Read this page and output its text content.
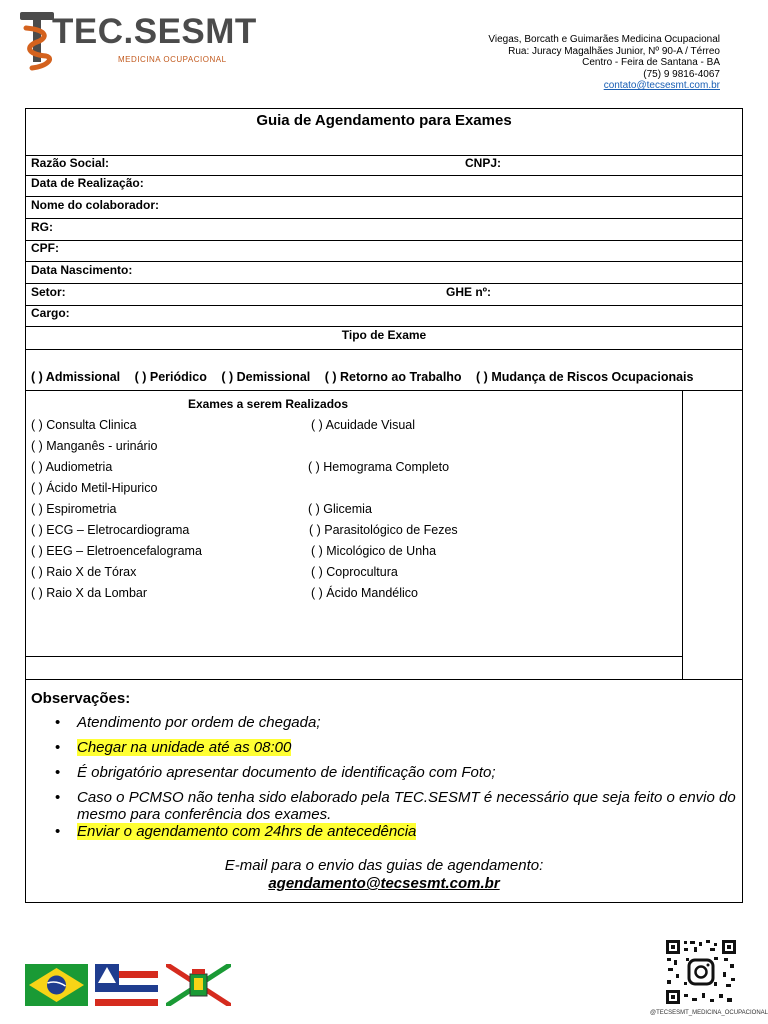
TEC.SESMT
MEDICINA OCUPACIONAL
Viegas, Borcath e Guimarães Medicina Ocupacional
Rua: Juracy Magalhães Junior, Nº 90-A / Térreo
Centro - Feira de Santana - BA
(75) 9 9816-4067
contato@tecsesmt.com.br
Guia de Agendamento para Exames
Razão Social:	CNPJ:
Data de Realização:
Nome do colaborador:
RG:
CPF:
Data Nascimento:
Setor:	GHE nº:
Cargo:
Tipo de Exame
( ) Admissional ( ) Periódico ( ) Demissional ( ) Retorno ao Trabalho ( ) Mudança de Riscos Ocupacionais
Exames a serem Realizados
( ) Consulta Clinica
( ) Manganês - urinário
( ) Audiometria
( ) Ácido Metil-Hipurico
( ) Espirometria
( ) ECG – Eletrocardiograma
( ) EEG – Eletroencefalograma
( ) Raio X de Tórax
( ) Raio X da Lombar
( ) Acuidade Visual
( ) Hemograma Completo
( ) Glicemia
( ) Parasitológico de Fezes
( ) Micológico de Unha
( ) Coprocultura
( ) Ácido Mandélico
Observações:
• Atendimento por ordem de chegada;
• Chegar na unidade até as 08:00
• É obrigatório apresentar documento de identificação com Foto;
• Caso o PCMSO não tenha sido elaborado pela TEC.SESMT é necessário que seja feito o envio do mesmo para conferência dos exames.
• Enviar o agendamento com 24hrs de antecedência
E-mail para o envio das guias de agendamento:
agendamento@tecsesmt.com.br
@TECSESMT_MEDICINA_OCUPACIONAL
